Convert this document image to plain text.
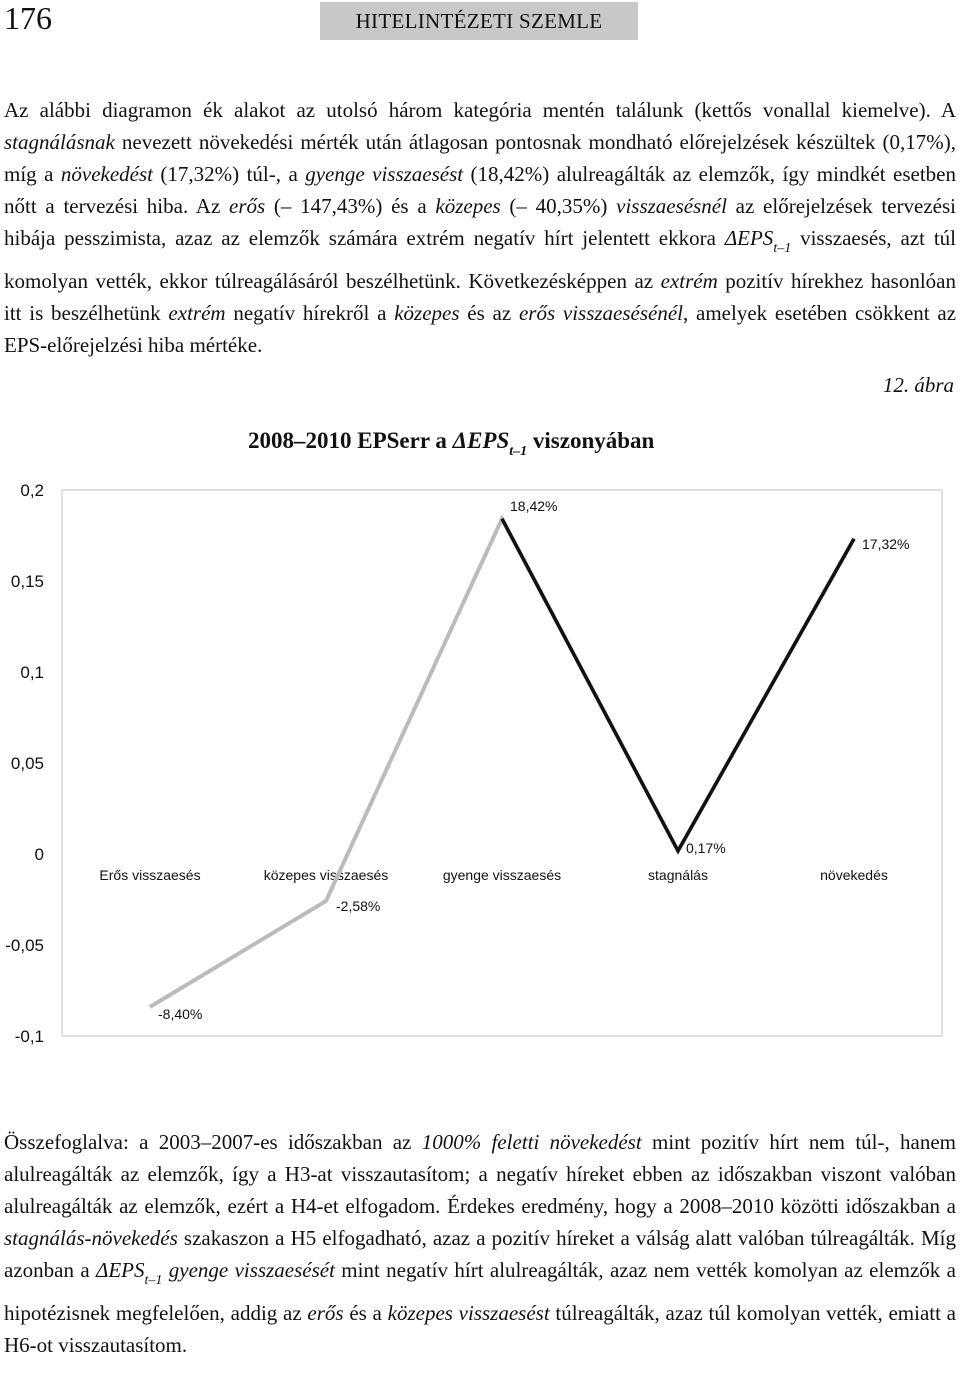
176	HITELINTÉZETI SZEMLE

Az alábbi diagramon ék alakot az utolsó három kategória mentén találunk (kettős vonallal kiemelve). A stagnálásnak nevezett növekedési mérték után átlagosan pontosnak mondható előrejelzések készültek (0,17%), míg a növekedést (17,32%) túl-, a gyenge visszaesést (18,42%) alulreagálták az elemzők, így mindkét esetben nőtt a tervezési hiba. Az erős (– 147,43%) és a közepes (– 40,35%) visszaesésnél az előrejelzések tervezési hibája pesszimista, azaz az elemzők számára extrém negatív hírt jelentett ekkora $\Delta EPS_{t-1}$ visszaesés, azt túl komolyan vették, ekkor túlreagálásáról beszélhetünk. Következésképpen az extrém pozitív hírekhez hasonlóan itt is beszélhetünk extrém negatív hírekről a közepes és az erős visszaesésénél, amelyek esetében csökkent az EPS-előrejelzési hiba mértéke.

12. ábra
2008–2010 EPSerr a $\Delta EPS_{t-1}$ viszonyában
0,2
0,15
0,1
0,05
0
-0,05
-0,1
Erős visszaesés	közepes visszaesés	gyenge visszaesés	stagnálás	növekedés
-8,40%
-2,58%
18,42%
0,17%
17,32%

Összefoglalva: a 2003–2007-es időszakban az 1000% feletti növekedést mint pozitív hírt nem túl-, hanem alulreagálták az elemzők, így a H3-at visszautasítom; a negatív híreket ebben az időszakban viszont valóban alulreagálták az elemzők, ezért a H4-et elfogadom. Érdekes eredmény, hogy a 2008–2010 közötti időszakban a stagnálás-növekedés szakaszon a H5 elfogadható, azaz a pozitív híreket a válság alatt valóban túlreagálták. Míg azonban a $\Delta EPS_{t-1}$ gyenge visszaesését mint negatív hírt alulreagálták, azaz nem vették komolyan az elemzők a hipotézisnek megfelelően, addig az erős és a közepes visszaesést túlreagálták, azaz túl komolyan vették, emiatt a H6-ot visszautasítom.
